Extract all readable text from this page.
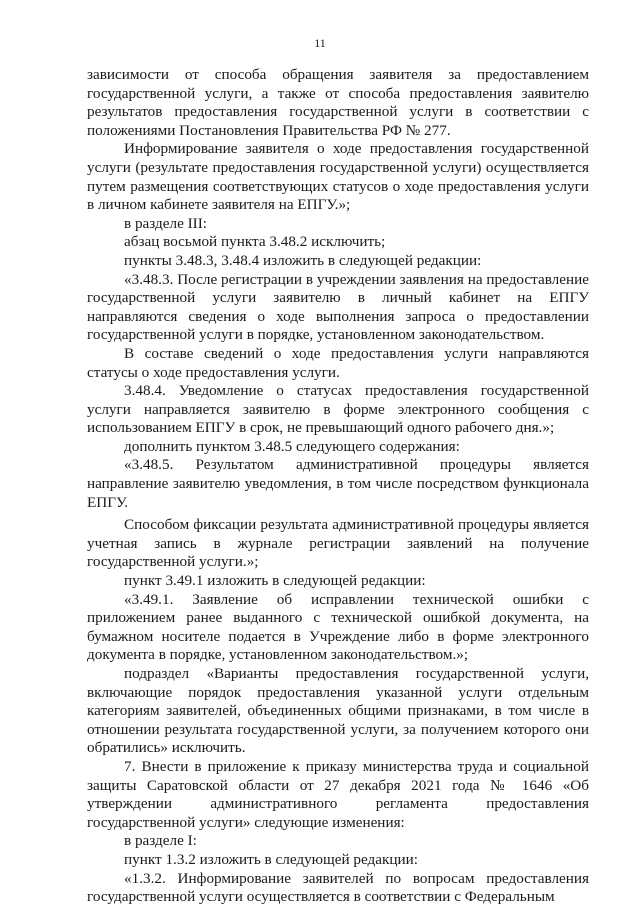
11

зависимости от способа обращения заявителя за предоставлением государственной услуги, а также от способа предоставления заявителю результатов предоставления государственной услуги в соответствии с положениями Постановления Правительства РФ № 277.

Информирование заявителя о ходе предоставления государственной услуги (результате предоставления государственной услуги) осуществляется путем размещения соответствующих статусов о ходе предоставления услуги в личном кабинете заявителя на ЕПГУ.»;

в разделе III:

абзац восьмой пункта 3.48.2 исключить;

пункты 3.48.3, 3.48.4 изложить в следующей редакции:

«3.48.3. После регистрации в учреждении заявления на предоставление государственной услуги заявителю в личный кабинет на ЕПГУ направляются сведения о ходе выполнения запроса о предоставлении государственной услуги в порядке, установленном законодательством.

В составе сведений о ходе предоставления услуги направляются статусы о ходе предоставления услуги.

3.48.4. Уведомление о статусах предоставления государственной услуги направляется заявителю в форме электронного сообщения с использованием ЕПГУ в срок, не превышающий одного рабочего дня.»;

дополнить пунктом 3.48.5 следующего содержания:

«3.48.5. Результатом административной процедуры является направление заявителю уведомления, в том числе посредством функционала ЕПГУ.

Способом фиксации результата административной процедуры является учетная запись в журнале регистрации заявлений на получение государственной услуги.»;

пункт 3.49.1 изложить в следующей редакции:

«3.49.1. Заявление об исправлении технической ошибки с приложением ранее выданного с технической ошибкой документа, на бумажном носителе подается в Учреждение либо в форме электронного документа в порядке, установленном законодательством.»;

подраздел «Варианты предоставления государственной услуги, включающие порядок предоставления указанной услуги отдельным категориям заявителей, объединенных общими признаками, в том числе в отношении результата государственной услуги, за получением которого они обратились» исключить.

7. Внести в приложение к приказу министерства труда и социальной защиты Саратовской области от 27 декабря 2021 года № 1646 «Об утверждении административного регламента предоставления государственной услуги» следующие изменения:

в разделе I:

пункт 1.3.2 изложить в следующей редакции:

«1.3.2. Информирование заявителей по вопросам предоставления государственной услуги осуществляется в соответствии с Федеральным
